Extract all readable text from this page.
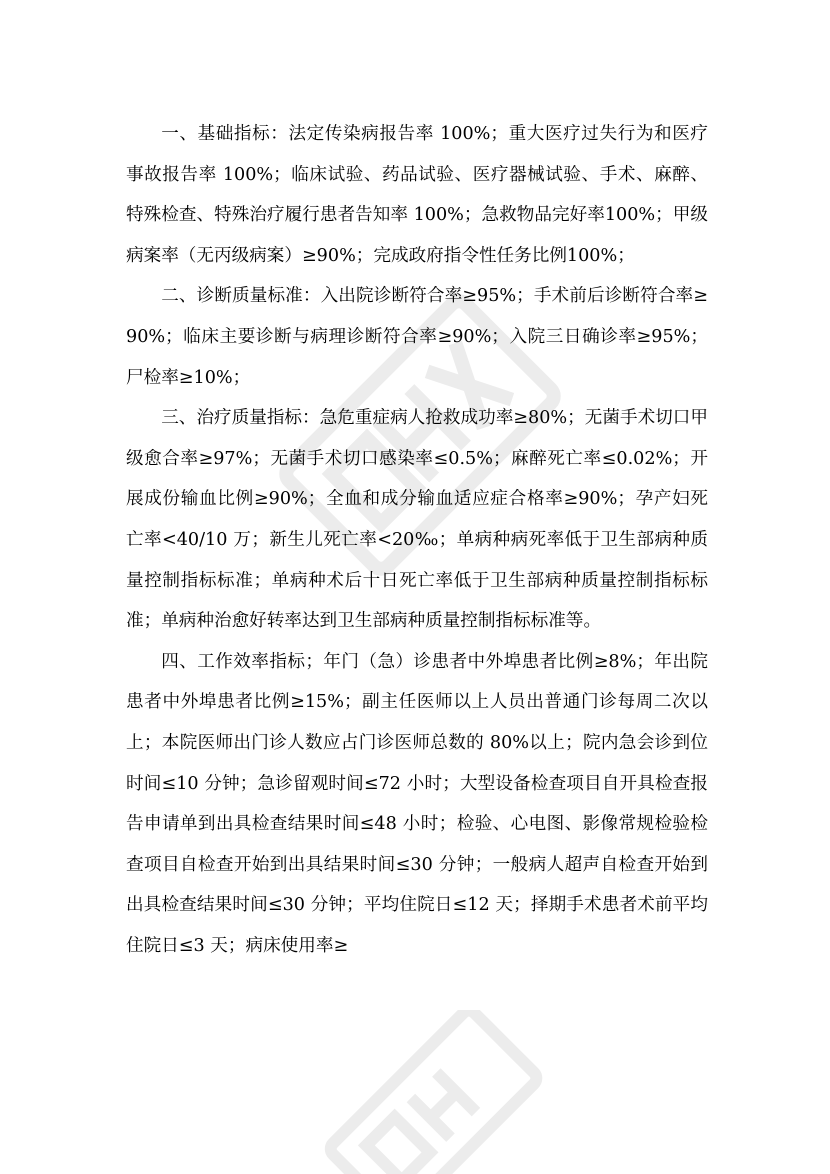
一、基础指标：法定传染病报告率 100%；重大医疗过失行为和医疗事故报告率 100%；临床试验、药品试验、医疗器械试验、手术、麻醉、特殊检查、特殊治疗履行患者告知率 100%；急救物品完好率100%；甲级病案率（无丙级病案）≥90%；完成政府指令性任务比例100%；

二、诊断质量标准：入出院诊断符合率≥95%；手术前后诊断符合率≥90%；临床主要诊断与病理诊断符合率≥90%；入院三日确诊率≥95%；尸检率≥10%；

三、治疗质量指标：急危重症病人抢救成功率≥80%；无菌手术切口甲级愈合率≥97%；无菌手术切口感染率≤0.5%；麻醉死亡率≤0.02%；开展成份输血比例≥90%；全血和成分输血适应症合格率≥90%；孕产妇死亡率<40/10 万；新生儿死亡率<20‰；单病种病死率低于卫生部病种质量控制指标标准；单病种术后十日死亡率低于卫生部病种质量控制指标标准；单病种治愈好转率达到卫生部病种质量控制指标标准等。

四、工作效率指标；年门（急）诊患者中外埠患者比例≥8%；年出院患者中外埠患者比例≥15%；副主任医师以上人员出普通门诊每周二次以上；本院医师出门诊人数应占门诊医师总数的 80%以上；院内急会诊到位时间≤10 分钟；急诊留观时间≤72 小时；大型设备检查项目自开具检查报告申请单到出具检查结果时间≤48 小时；检验、心电图、影像常规检验检查项目自检查开始到出具结果时间≤30 分钟；一般病人超声自检查开始到出具检查结果时间≤30 分钟；平均住院日≤12 天；择期手术患者术前平均住院日≤3 天；病床使用率≥
